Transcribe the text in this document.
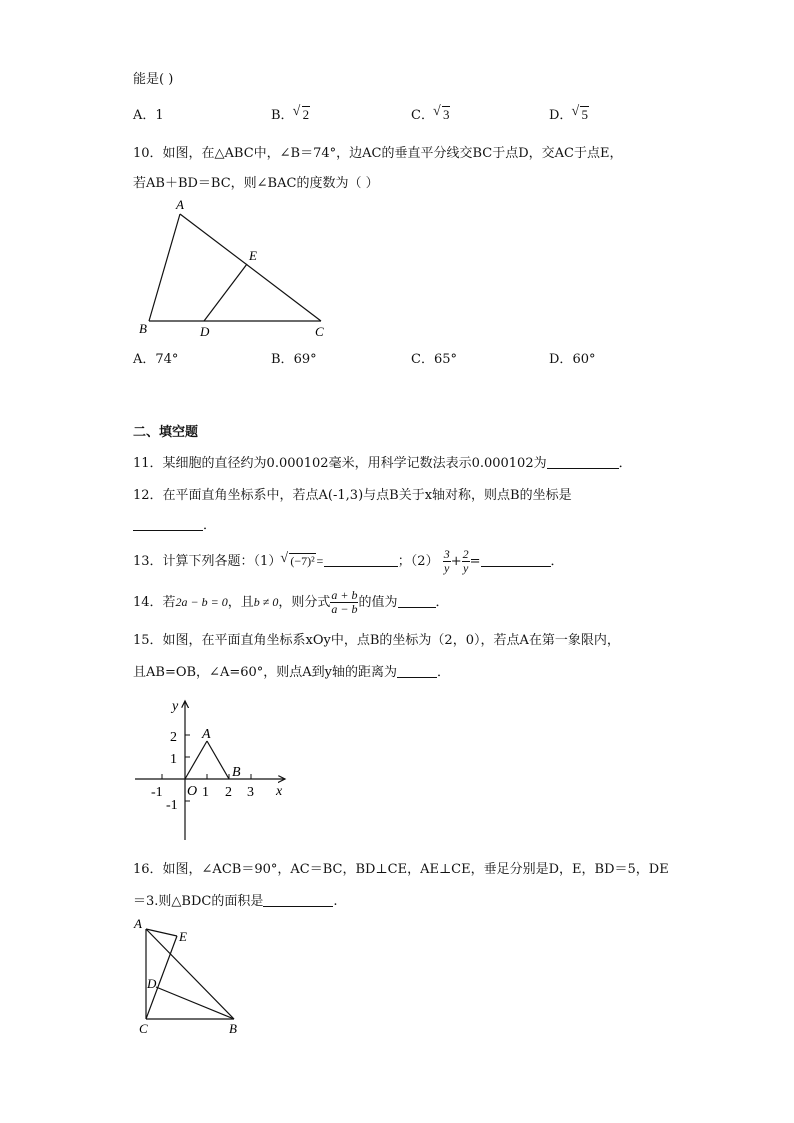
能是( )
A．1	B． √ 2	C． √ 3	D． √ 5
10．如图，在△ABC中，∠B＝74°，边AC的垂直平分线交BC于点D，交AC于点E，
若AB＋BD＝BC，则∠BAC的度数为（ ）
A
B	D	C
E
A．74°	B．69°	C．65°	D．60°
二、填空题
11．某细胞的直径约为0.000102毫米，用科学记数法表示0.000102为	．
12．在平面直角坐标系中，若点A(-1,3)与点B关于x轴对称，则点B的坐标是
．
13．计算下列各题：（1） √ (−7)²=	；$(2) \frac{3}{y} + \frac{2}{y}$ =	．
14．若2a − b = 0，且b ≠ 0，则分式 $\frac{a + b}{a - b}$ 的值为	．
15．如图，在平面直角坐标系xOy中，点B的坐标为（2，0），若点A在第一象限内，
且AB=OB，∠A=60°，则点A到y轴的距离为	．
y
x
O
A
B
2
1
-1
-1	1 2 3
16．如图，∠ACB＝90°，AC＝BC，BD⊥CE，AE⊥CE，垂足分别是D，E，BD＝5，DE
＝3.则△BDC的面积是	.
A
E
D
C	B
